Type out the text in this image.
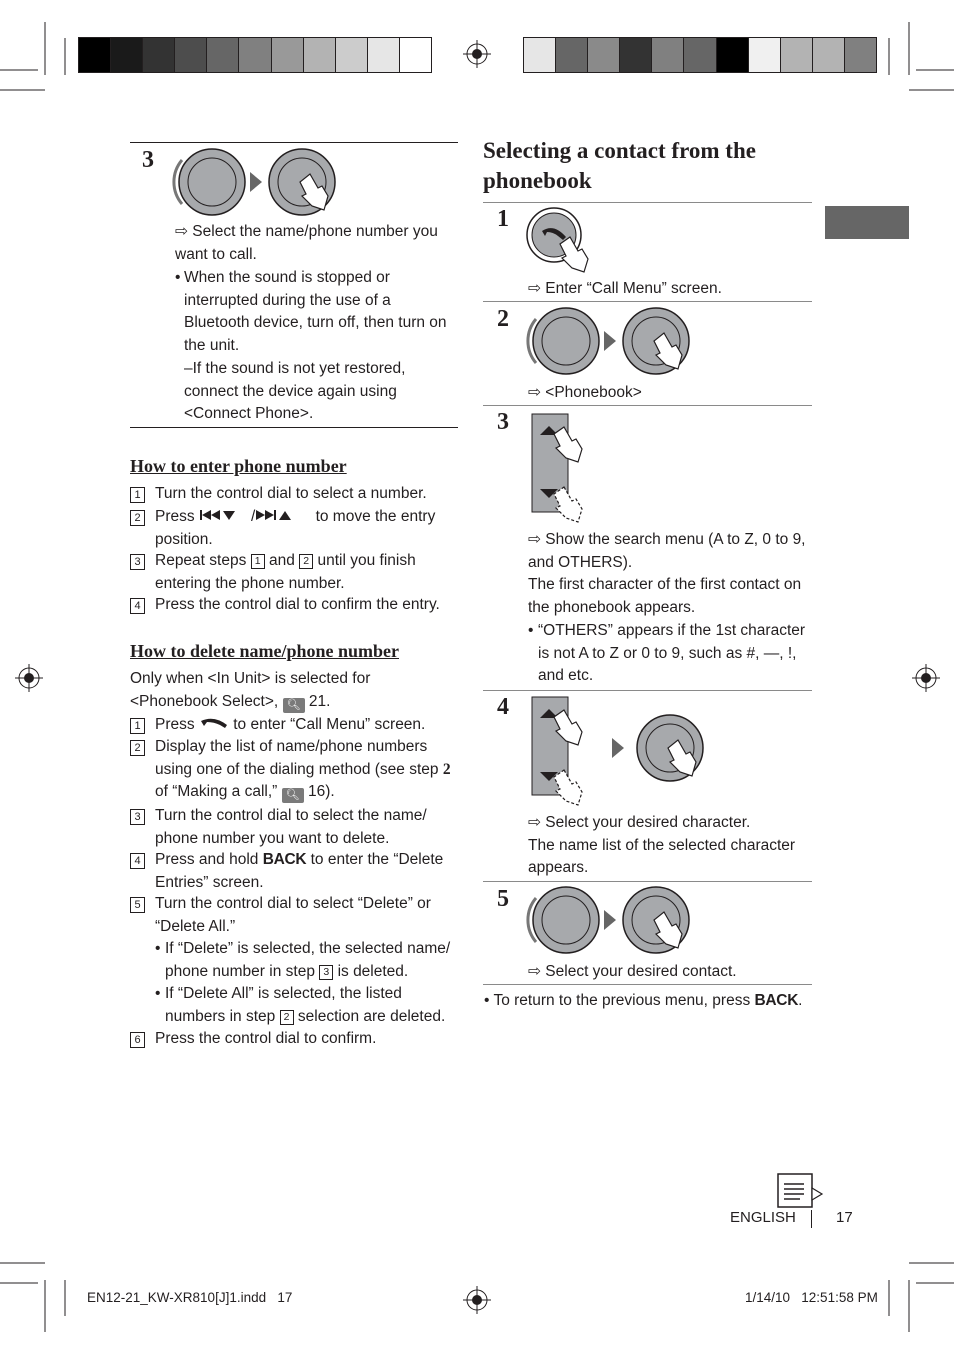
3
⇨ Select the name/phone number you want to call.
• When the sound is stopped or interrupted during the use of a Bluetooth device, turn off, then turn on the unit.
–If the sound is not yet restored, connect the device again using <Connect Phone>.
How to enter phone number
1 Turn the control dial to select a number.
2 Press	/	to move the entry position.
3 Repeat steps 1 and 2 until you finish entering the phone number.
4 Press the control dial to confirm the entry.
How to delete name/phone number
Only when <In Unit> is selected for <Phonebook Select>, 🔍︎ 21.
1 Press to enter “Call Menu” screen.
2 Display the list of name/phone numbers using one of the dialing method (see step 2 of “Making a call,” 🔍︎ 16).
3 Turn the control dial to select the name/ phone number you want to delete.
4 Press and hold BACK to enter the “Delete Entries” screen.
5 Turn the control dial to select “Delete” or “Delete All.”
• If “Delete” is selected, the selected name/ phone number in step 3 is deleted.
• If “Delete All” is selected, the listed numbers in step 2 selection are deleted.
6 Press the control dial to confirm.
Selecting a contact from the phonebook
1
⇨ Enter “Call Menu” screen.
2
⇨ <Phonebook>
3
⇨ Show the search menu (A to Z, 0 to 9, and OTHERS).
The first character of the first contact on the phonebook appears.
• “OTHERS” appears if the 1st character is not A to Z or 0 to 9, such as #, —, !, and etc.
4
⇨ Select your desired character.
The name list of the selected character appears.
5
⇨ Select your desired contact.
• To return to the previous menu, press BACK.
ENGLISH	17
EN12-21_KW-XR810[J]1.indd   17	1/14/10   12:51:58 PM
